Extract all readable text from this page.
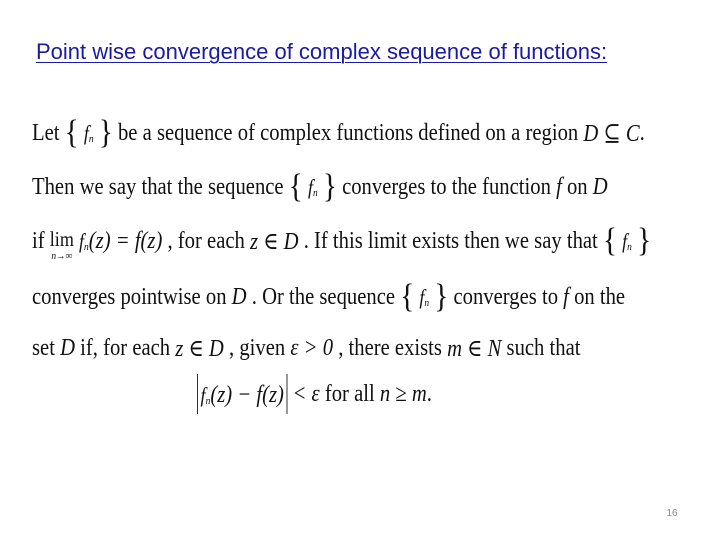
Point wise convergence of complex sequence of functions:
Let { fn } be a sequence of complex functions defined on a region D ⊆ C.
Then we say that the sequence { fn } converges to the function f on D
if lim
n→∞
fn(z) = f(z) , for each z ∈ D . If this limit exists then we say that { fn }
converges pointwise on D . Or the sequence { fn } converges to f on the
set D if, for each z ∈ D , given ε > 0 , there exists m ∈ N such that
fn(z) − f(z) < ε for all n ≥ m.
16
